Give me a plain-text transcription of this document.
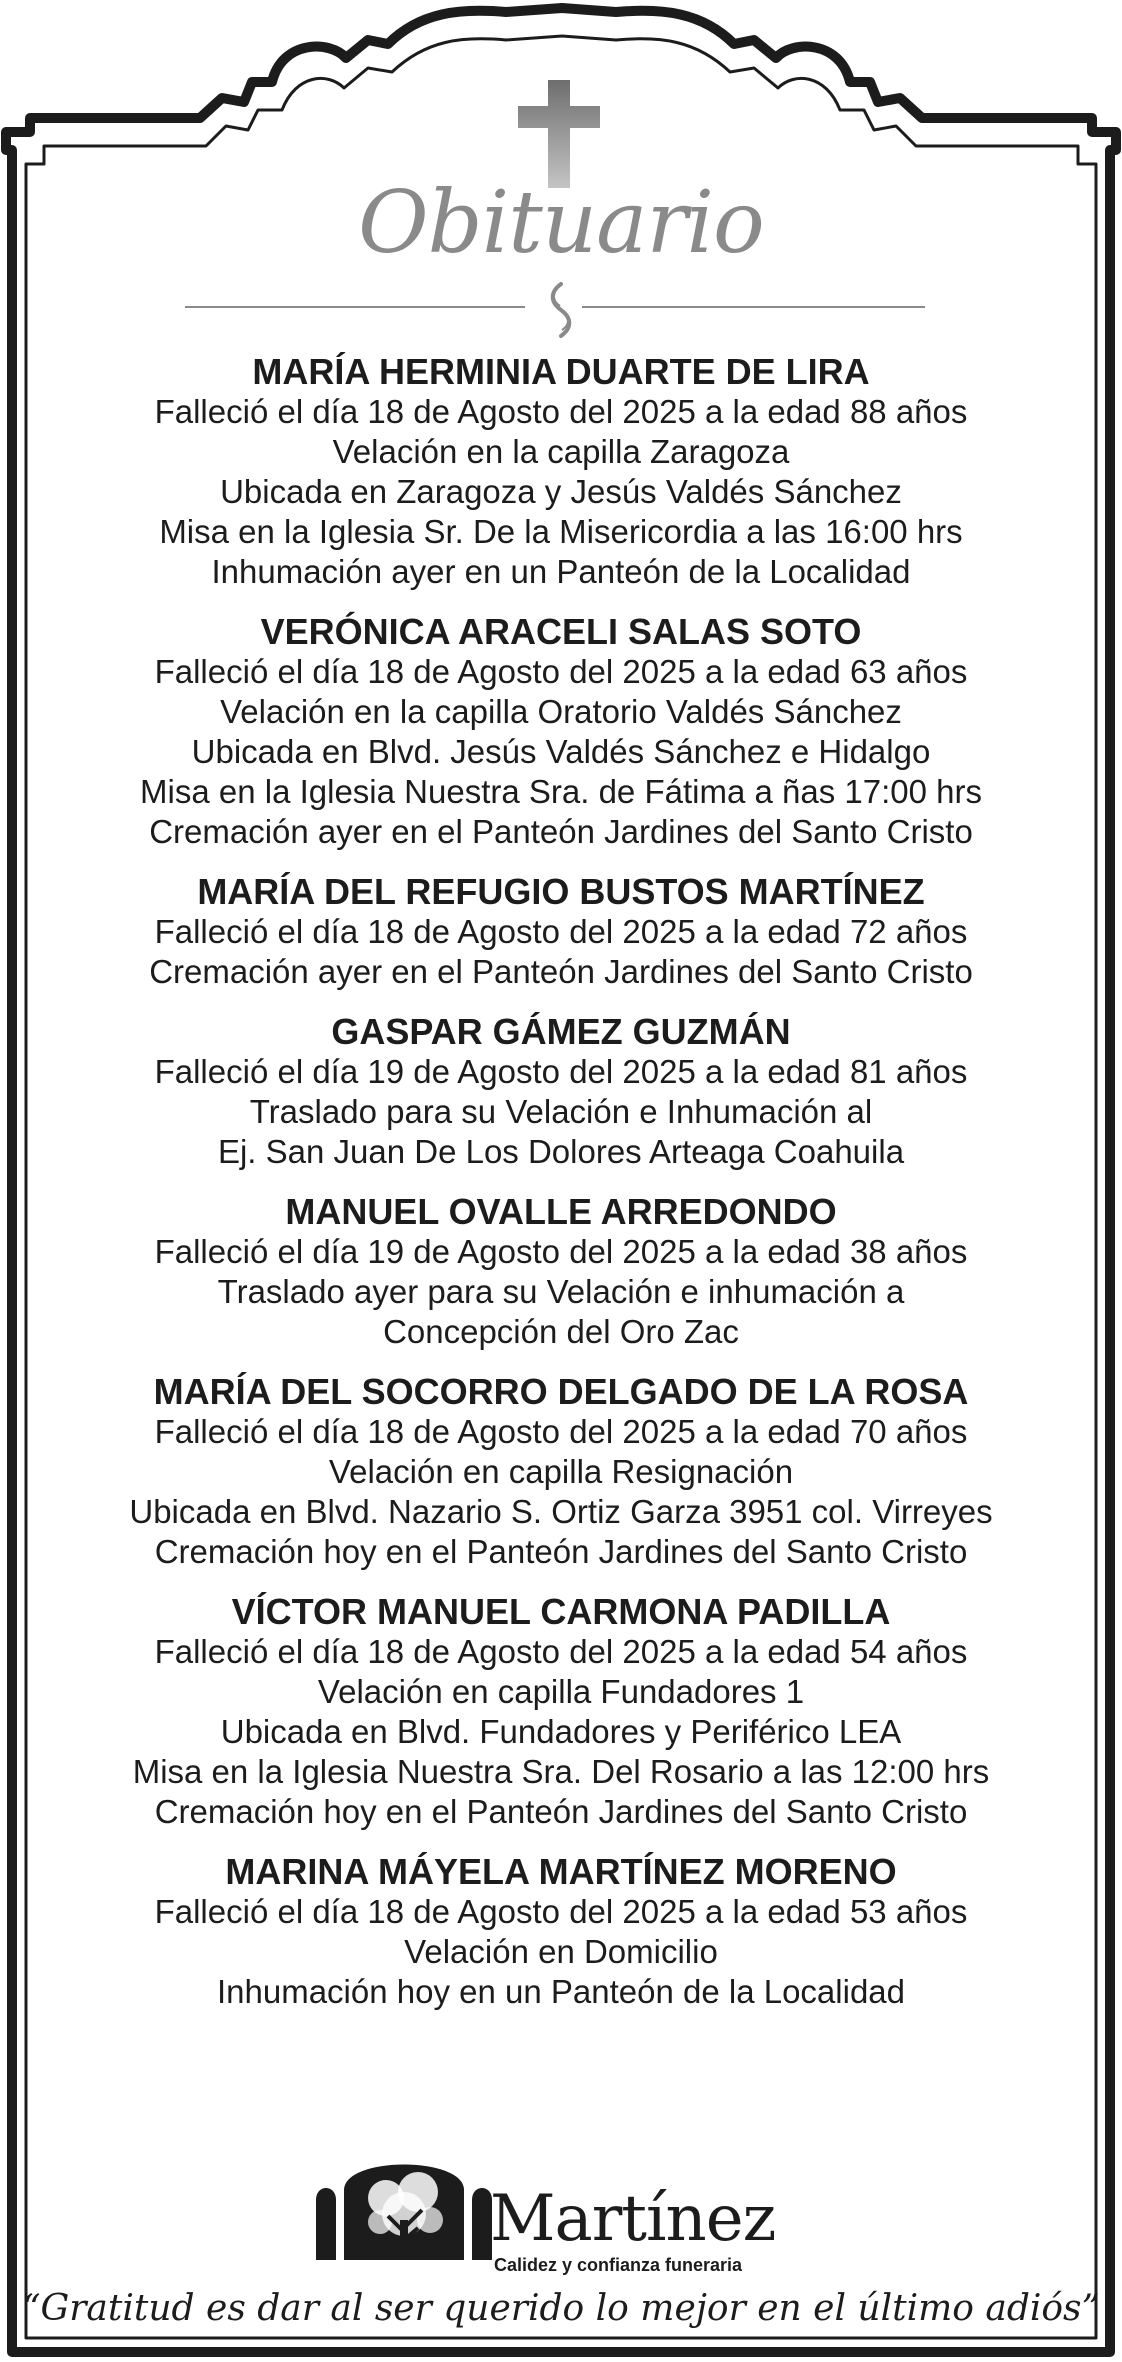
Obituario
MARÍA HERMINIA DUARTE DE LIRA
Falleció el día 18 de Agosto del 2025 a la edad 88 años
Velación en la capilla Zaragoza
Ubicada en Zaragoza y Jesús Valdés Sánchez
Misa en la Iglesia Sr. De la Misericordia a las 16:00 hrs
Inhumación ayer en un Panteón de la Localidad
VERÓNICA ARACELI SALAS SOTO
Falleció el día 18 de Agosto del 2025 a la edad 63 años
Velación en la capilla Oratorio Valdés Sánchez
Ubicada en Blvd. Jesús Valdés Sánchez e Hidalgo
Misa en la Iglesia Nuestra Sra. de Fátima a ñas 17:00 hrs
Cremación ayer en el Panteón Jardines del Santo Cristo
MARÍA DEL REFUGIO BUSTOS MARTÍNEZ
Falleció el día 18 de Agosto del 2025 a la edad 72 años
Cremación ayer en el Panteón Jardines del Santo Cristo
GASPAR GÁMEZ GUZMÁN
Falleció el día 19 de Agosto del 2025 a la edad 81 años
Traslado para su Velación e Inhumación al
Ej. San Juan De Los Dolores Arteaga Coahuila
MANUEL OVALLE ARREDONDO
Falleció el día 19 de Agosto del 2025 a la edad 38 años
Traslado ayer para su Velación e inhumación a
Concepción del Oro Zac
MARÍA DEL SOCORRO DELGADO DE LA ROSA
Falleció el día 18 de Agosto del 2025 a la edad 70 años
Velación en capilla Resignación
Ubicada en Blvd. Nazario S. Ortiz Garza 3951 col. Virreyes
Cremación hoy en el Panteón Jardines del Santo Cristo
VÍCTOR MANUEL CARMONA PADILLA
Falleció el día 18 de Agosto del 2025 a la edad 54 años
Velación en capilla Fundadores 1
Ubicada en Blvd. Fundadores y Periférico LEA
Misa en la Iglesia Nuestra Sra. Del Rosario a las 12:00 hrs
Cremación hoy en el Panteón Jardines del Santo Cristo
MARINA MÁYELA MARTÍNEZ MORENO
Falleció el día 18 de Agosto del 2025 a la edad 53 años
Velación en Domicilio
Inhumación hoy en un Panteón de la Localidad
Martínez
Calidez y confianza funeraria
“Gratitud es dar al ser querido lo mejor en el último adiós”
